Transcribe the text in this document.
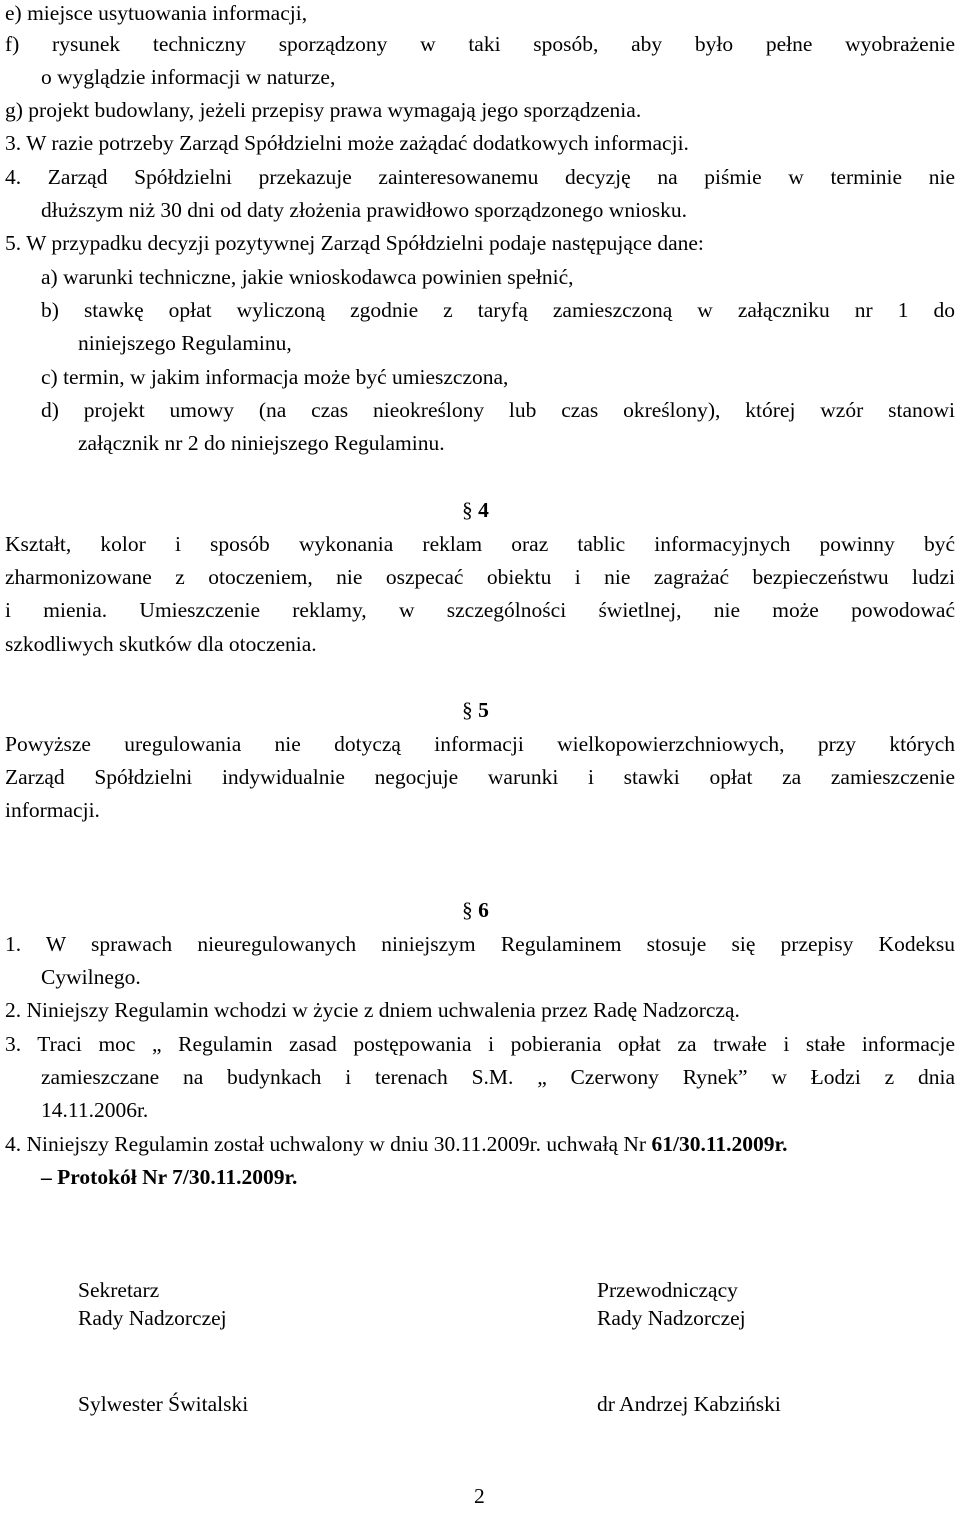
e) miejsce usytuowania informacji,
f) rysunek techniczny sporządzony w taki sposób, aby było pełne wyobrażenie
o wyglądzie informacji w naturze,
g) projekt budowlany, jeżeli przepisy prawa wymagają jego sporządzenia.
3. W razie potrzeby Zarząd Spółdzielni może zażądać dodatkowych informacji.
4. Zarząd Spółdzielni przekazuje zainteresowanemu decyzję na piśmie w terminie nie
dłuższym niż 30 dni od daty złożenia prawidłowo sporządzonego wniosku.
5. W przypadku decyzji pozytywnej Zarząd Spółdzielni podaje następujące dane:
a) warunki techniczne, jakie wnioskodawca powinien spełnić,
b) stawkę opłat wyliczoną zgodnie z taryfą zamieszczoną w załączniku nr 1 do
niniejszego Regulaminu,
c) termin, w jakim informacja może być umieszczona,
d) projekt umowy (na czas nieokreślony lub czas określony), której wzór stanowi
załącznik nr 2 do niniejszego Regulaminu.
§ 4
Kształt, kolor i sposób wykonania reklam oraz tablic informacyjnych powinny być
zharmonizowane z otoczeniem, nie oszpecać obiektu i nie zagrażać bezpieczeństwu ludzi
i mienia. Umieszczenie reklamy, w szczególności świetlnej, nie może powodować
szkodliwych skutków dla otoczenia.
§ 5
Powyższe uregulowania nie dotyczą informacji wielkopowierzchniowych, przy których
Zarząd Spółdzielni indywidualnie negocjuje warunki i stawki opłat za zamieszczenie
informacji.
§ 6
1. W sprawach nieuregulowanych niniejszym Regulaminem stosuje się przepisy Kodeksu
Cywilnego.
2. Niniejszy Regulamin wchodzi w życie z dniem uchwalenia przez Radę Nadzorczą.
3. Traci moc „ Regulamin zasad postępowania i pobierania opłat za trwałe i stałe informacje
zamieszczane na budynkach i terenach S.M. „ Czerwony Rynek” w Łodzi z dnia
14.11.2006r.
4. Niniejszy Regulamin został uchwalony w dniu 30.11.2009r. uchwałą Nr 61/30.11.2009r.
– Protokół Nr 7/30.11.2009r.
Sekretarz
Rady Nadzorczej
Sylwester Świtalski
Przewodniczący
Rady Nadzorczej
dr Andrzej Kabziński
2
